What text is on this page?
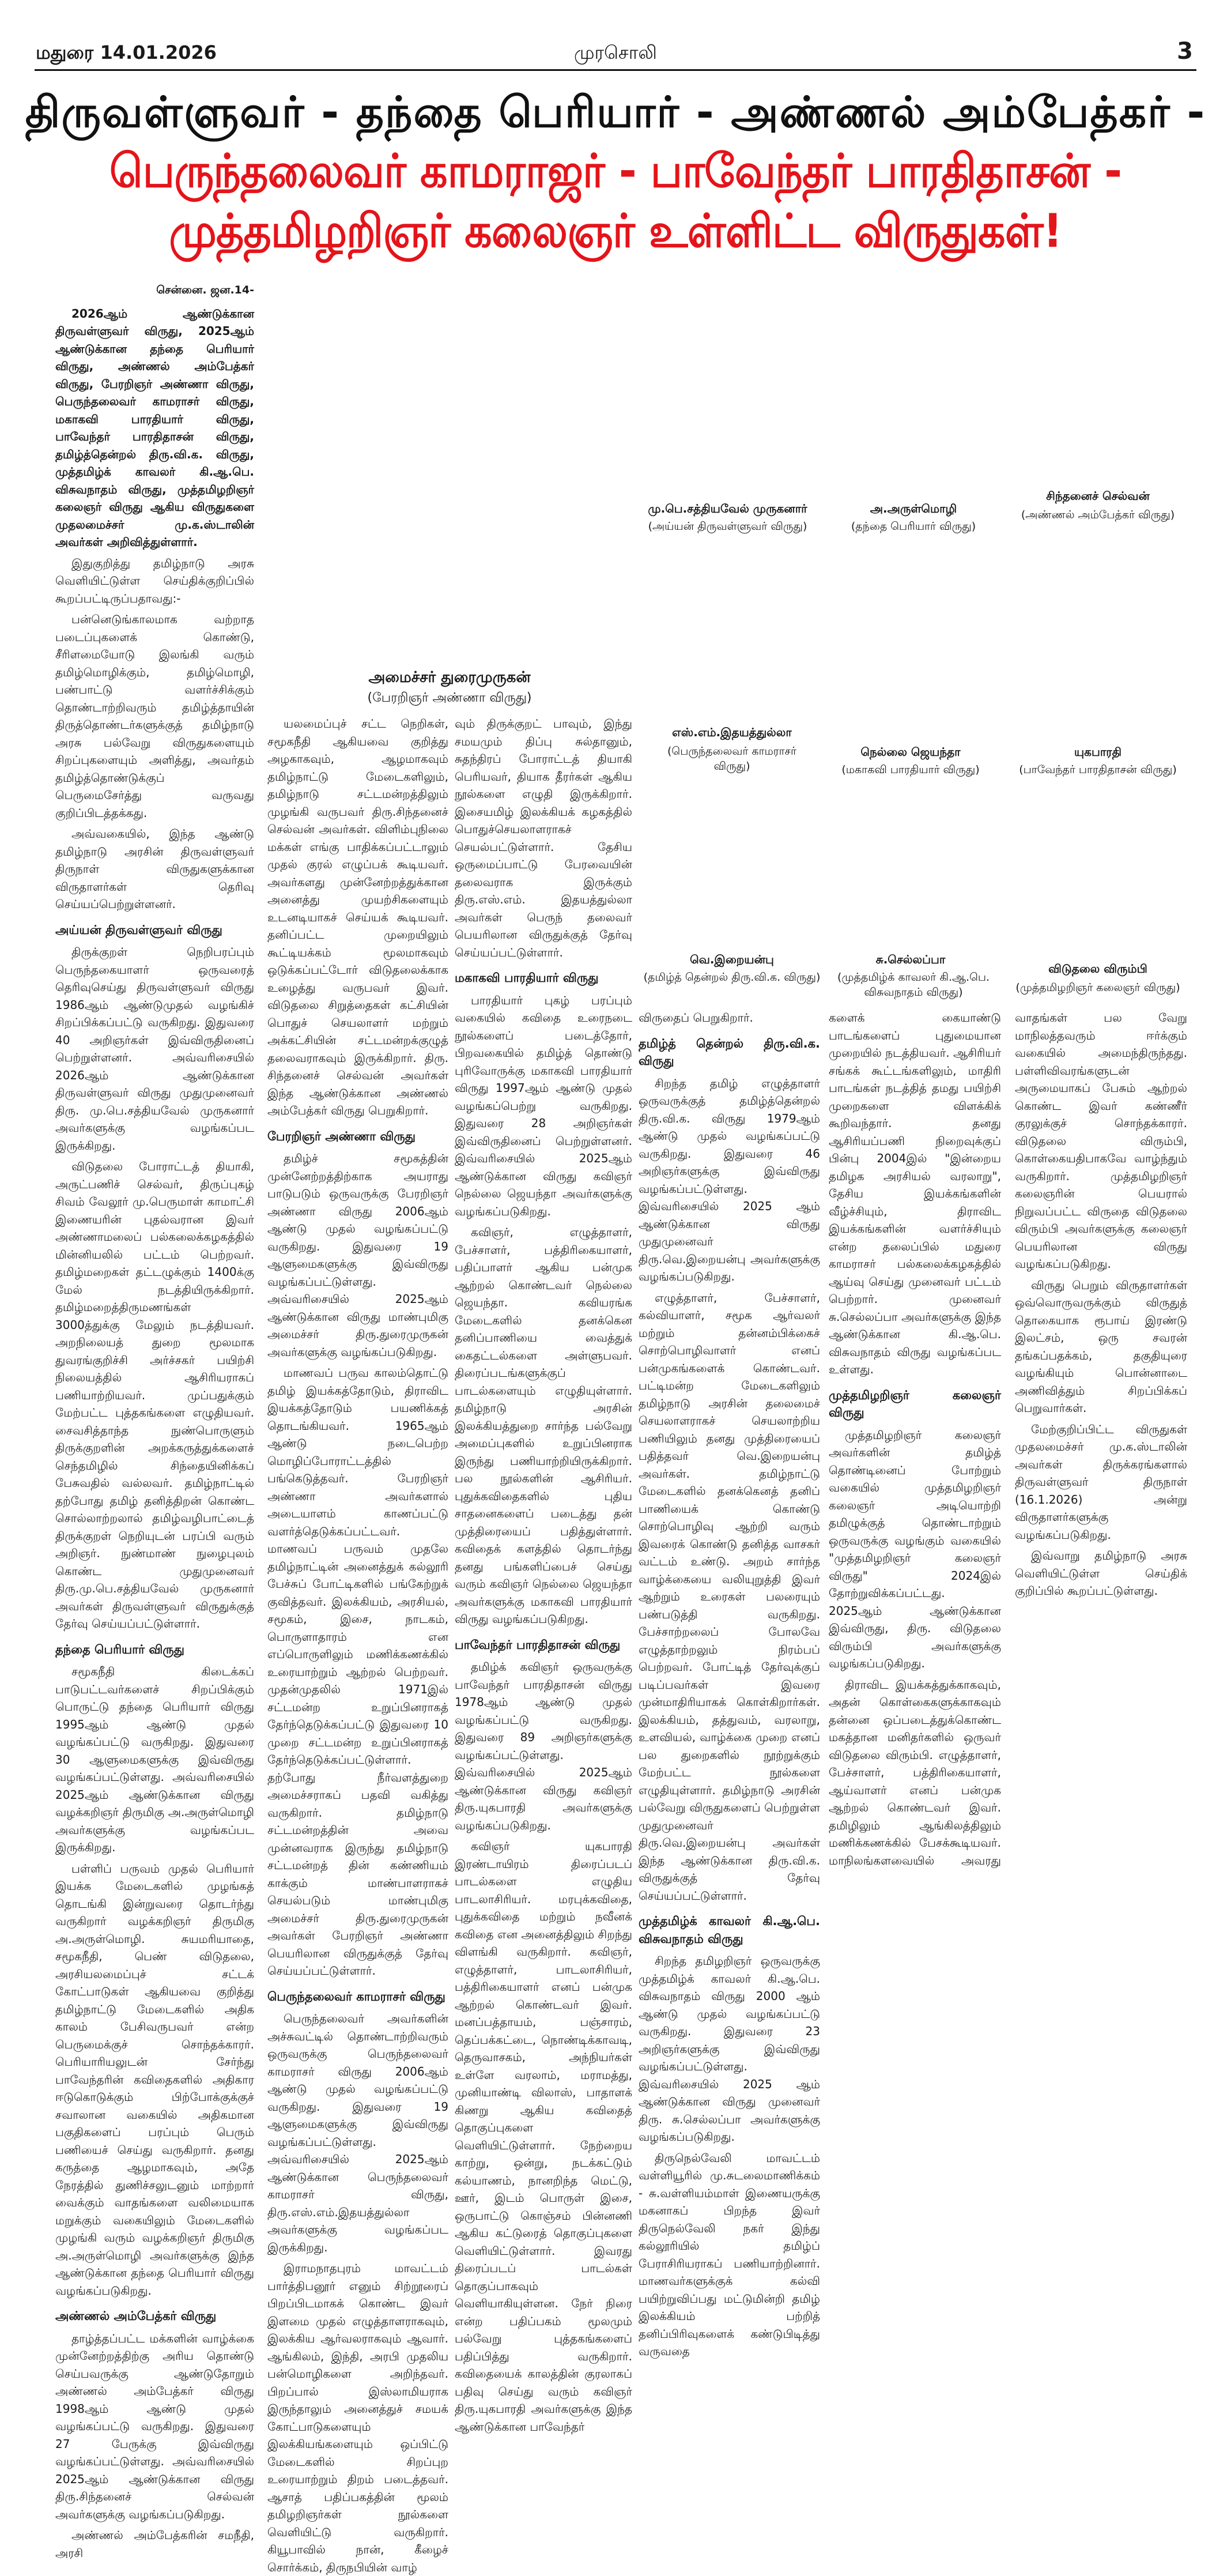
மதுரை 14.01.2026	முரசொலி	3
திருவள்ளுவர் - தந்தை பெரியார் - அண்ணல் அம்பேத்கர் -
பெருந்தலைவர் காமராஜர் - பாவேந்தர் பாரதிதாசன் - முத்தமிழறிஞர் கலைஞர் உள்ளிட்ட விருதுகள்!
மு.பெ.சத்தியவேல் முருகனார்
(அய்யன் திருவள்ளுவர் விருது)
அ.அருள்மொழி
(தந்தை பெரியார் விருது)
சிந்தனைச் செல்வன்
(அண்ணல் அம்பேத்கர் விருது)
அமைச்சர் துரைமுருகன்
(பேரறிஞர் அண்ணா விருது)
எஸ்.எம்.இதயத்துல்லா
(பெருந்தலைவர் காமராசர் விருது)
நெல்லை ஜெயந்தா
(மகாகவி பாரதியார் விருது)
யுகபாரதி
(பாவேந்தர் பாரதிதாசன் விருது)
வெ.இறையன்பு
(தமிழ்த் தென்றல் திரு.வி.க. விருது)
சு.செல்லப்பா
(முத்தமிழ்க் காவலர் கி.ஆ.பெ. விசுவநாதம் விருது)
விடுதலை விரும்பி
(முத்தமிழறிஞர் கலைஞர் விருது)
சென்னை. ஜன.14-

2026ஆம் ஆண்டுக்கான திருவள்ளுவர் விருது, 2025ஆம் ஆண்டுக்கான தந்தை பெரியார் விருது, அண்ணல் அம்பேத்கர் விருது, பேரறிஞர் அண்ணா விருது, பெருந்தலைவர் காமராசர் விருது, மகாகவி பாரதியார் விருது, பாவேந்தர் பாரதிதாசன் விருது, தமிழ்த்தென்றல் திரு.வி.க. விருது, முத்தமிழ்க் காவலர் கி.ஆ.பெ. விசுவநாதம் விருது, முத்தமிழறிஞர் கலைஞர் விருது ஆகிய விருதுகளை முதலமைச்சர் மு.க.ஸ்டாலின் அவர்கள் அறிவித்துள்ளார்.

இதுகுறித்து தமிழ்நாடு அரசு வெளியிட்டுள்ள செய்திக்குறிப்பில் கூறப்பட்டிருப்பதாவது:-

பன்னெடுங்காலமாக வற்றாத படைப்புகளைக் கொண்டு, சீரிளமையோடு இலங்கி வரும் தமிழ்மொழிக்கும், தமிழ்மொழி, பண்பாட்டு வளர்ச்சிக்கும் தொண்டாற்றிவரும் தமிழ்த்தாயின் திருத்தொண்டர்களுக்குத் தமிழ்நாடு அரசு பல்வேறு விருதுகளையும் சிறப்புகளையும் அளித்து, அவர்தம் தமிழ்த்தொண்டுக்குப் பெருமைசேர்த்து வருவது குறிப்பிடத்தக்கது.

அவ்வகையில், இந்த ஆண்டு தமிழ்நாடு அரசின் திருவள்ளுவர் திருநாள் விருதுகளுக்கான விருதாளர்கள் தெரிவு செய்யப்பெற்றுள்ளனர்.

அய்யன் திருவள்ளுவர் விருது

திருக்குறள் நெறிபரப்பும் பெருந்தகையாளர் ஒருவரைத் தெரிவுசெய்து திருவள்ளுவர் விருது 1986ஆம் ஆண்டுமுதல் வழங்கிச் சிறப்பிக்கப்பட்டு வருகிறது. இதுவரை 40 அறிஞர்கள் இவ்விருதினைப் பெற்றுள்ளனர். அவ்வரிசையில் 2026ஆம் ஆண்டுக்கான திருவள்ளுவர் விருது முதுமுனைவர் திரு. மு.பெ.சத்தியவேல் முருகனார் அவர்களுக்கு வழங்கப்பட இருக்கிறது.

விடுதலை போராட்டத் தியாகி, அருட்பணிச் செல்வர், திருப்புகழ் சிவம் வேலூர் மு.பெருமாள் காமாட்சி இணையரின் புதல்வரான இவர் அண்ணாமலைப் பல்கலைக்கழகத்தில் மின்னியலில் பட்டம் பெற்றவர். தமிழ்மறைகள் தட்டழுக்கும் 1400க்கு மேல் நடத்தியிருக்கிறார். தமிழ்மறைத்திருமணங்கள் 3000த்துக்கு மேலும் நடத்தியவர். அறநிலையத் துறை மூலமாக துவரங்குறிச்சி அர்ச்சகர் பயிற்சி நிலையத்தில் ஆசிரியராகப் பணியாற்றியவர். முப்பதுக்கும் மேற்பட்ட புத்தகங்களை எழுதியவர். சைவசித்தாந்த நுண்பொருளும் திருக்குறளின் அறக்கருத்துக்களைச் செந்தமிழில் சிந்தையினிக்கப் பேசுவதில் வல்லவர். தமிழ்நாட்டில் தற்போது தமிழ் தனித்திறன் கொண்ட சொல்லாற்றலால் தமிழ்வழிபாட்டைத் திருக்குறள் நெறியுடன் பரப்பி வரும் அறிஞர். நுண்மாண் நுழைபுலம் கொண்ட முதுமுனைவர் திரு.மு.பெ.சத்தியவேல் முருகனார் அவர்கள் திருவள்ளுவர் விருதுக்குத் தேர்வு செய்யப்பட்டுள்ளார்.

தந்தை பெரியார் விருது

சமூகநீதி கிடைக்கப் பாடுபட்டவர்களைச் சிறப்பிக்கும் பொருட்டு தந்தை பெரியார் விருது 1995ஆம் ஆண்டு முதல் வழங்கப்பட்டு வருகிறது. இதுவரை 30 ஆளுமைகளுக்கு இவ்விருது வழங்கப்பட்டுள்ளது. அவ்வரிசையில் 2025ஆம் ஆண்டுக்கான விருது வழக்கறிஞர் திருமிகு அ.அருள்மொழி அவர்களுக்கு வழங்கப்பட இருக்கிறது.

பள்ளிப் பருவம் முதல் பெரியார் இயக்க மேடைகளில் முழங்கத் தொடங்கி இன்றுவரை தொடர்ந்து வருகிறார் வழக்கறிஞர் திருமிகு அ.அருள்மொழி. சுயமரியாதை, சமூகநீதி, பெண் விடுதலை, அரசியலமைப்புச் சட்டக் கோட்பாடுகள் ஆகியவை குறித்து தமிழ்நாட்டு மேடைகளில் அதிக காலம் பேசிவருபவர் என்ற பெருமைக்குச் சொந்தக்காரர். பெரியாரியலுடன் சேர்ந்து பாவேந்தரின் கவிதைகளில் அதிகார ஈடுகொடுக்கும் பிற்போக்குக்குச் சவாலான வகையில் அதிகமான பகுதிகளைப் பரப்பும் பெரும் பணியைச் செய்து வருகிறார். தனது கருத்தை ஆழமாகவும், அதே நேரத்தில் துணிச்சலுடனும் மாற்றார் வைக்கும் வாதங்களை வலிமையாக மறுக்கும் வகையிலும் மேடைகளில் முழங்கி வரும் வழக்கறிஞர் திருமிகு அ.அருள்மொழி அவர்களுக்கு இந்த ஆண்டுக்கான தந்தை பெரியார் விருது வழங்கப்படுகிறது.

அண்ணல் அம்பேத்கர் விருது

தாழ்த்தப்பட்ட மக்களின் வாழ்க்கை முன்னேற்றத்திற்கு அரிய தொண்டு செய்பவருக்கு ஆண்டுதோறும் அண்ணல் அம்பேத்கர் விருது 1998ஆம் ஆண்டு முதல் வழங்கப்பட்டு வருகிறது. இதுவரை 27 பேருக்கு இவ்விருது வழங்கப்பட்டுள்ளது. அவ்வரிசையில் 2025ஆம் ஆண்டுக்கான விருது திரு.சிந்தனைச் செல்வன் அவர்களுக்கு வழங்கப்படுகிறது.

அண்ணல் அம்பேத்கரின் சமநீதி, அரசி

யலமைப்புச் சட்ட நெறிகள், சமூகநீதி ஆகியவை குறித்து அழகாகவும், ஆழமாகவும் தமிழ்நாட்டு மேடைகளிலும், தமிழ்நாடு சட்டமன்றத்திலும் முழங்கி வருபவர் திரு.சிந்தனைச் செல்வன் அவர்கள். விளிம்புநிலை மக்கள் எங்கு பாதிக்கப்பட்டாலும் முதல் குரல் எழுப்பக் கூடியவர். அவர்களது முன்னேற்றத்துக்கான அனைத்து முயற்சிகளையும் உடனடியாகச் செய்யக் கூடியவர். தனிப்பட்ட முறையிலும் கூட்டியக்கம் மூலமாகவும் ஒடுக்கப்பட்டோர் விடுதலைக்காக உழைத்து வருபவர் இவர். விடுதலை சிறுத்தைகள் கட்சியின் பொதுச் செயலாளர் மற்றும் அக்கட்சியின் சட்டமன்றக்குழுத் தலைவராகவும் இருக்கிறார். திரு. சிந்தனைச் செல்வன் அவர்கள் இந்த ஆண்டுக்கான அண்ணல் அம்பேத்கர் விருது பெறுகிறார்.

பேரறிஞர் அண்ணா விருது

தமிழ்ச் சமூகத்தின் முன்னேற்றத்திற்காக அயராது பாடுபடும் ஒருவருக்கு பேரறிஞர் அண்ணா விருது 2006ஆம் ஆண்டு முதல் வழங்கப்பட்டு வருகிறது. இதுவரை 19 ஆளுமைகளுக்கு இவ்விருது வழங்கப்பட்டுள்ளது. அவ்வரிசையில் 2025ஆம் ஆண்டுக்கான விருது மாண்புமிகு அமைச்சர் திரு.துரைமுருகன் அவர்களுக்கு வழங்கப்படுகிறது.

மாணவப் பருவ காலம்தொட்டு தமிழ் இயக்கத்தோடும், திராவிட இயக்கத்தோடும் பயணிக்கத் தொடங்கியவர். 1965ஆம் ஆண்டு நடைபெற்ற மொழிப்போராட்டத்தில் பங்கெடுத்தவர். பேரறிஞர் அண்ணா அவர்களால் அடையாளம் காணப்பட்டு வளர்த்தெடுக்கப்பட்டவர். மாணவப் பருவம் முதலே தமிழ்நாட்டின் அனைத்துக் கல்லூரி பேச்சுப் போட்டிகளில் பங்கேற்றுக் குவித்தவர். இலக்கியம், அரசியல், சமூகம், இசை, நாடகம், பொருளாதாரம் என எப்பொருளிலும் மணிக்கணக்கில் உரையாற்றும் ஆற்றல் பெற்றவர். முதன்முதலில் 1971இல் சட்டமன்ற உறுப்பினராகத் தேர்ந்தெடுக்கப்பட்டு இதுவரை 10 முறை சட்டமன்ற உறுப்பினராகத் தேர்ந்தெடுக்கப்பட்டுள்ளார். தற்போது நீர்வளத்துறை அமைச்சராகப் பதவி வகித்து வருகிறார். தமிழ்நாடு சட்டமன்றத்தின் அவை முன்னவராக இருந்து தமிழ்நாடு சட்டமன்றத் தின் கண்ணியம் காக்கும் மாண்பாளராகச் செயல்படும் மாண்புமிகு அமைச்சர் திரு.துரைமுருகன் அவர்கள் பேரறிஞர் அண்ணா பெயரிலான விருதுக்குத் தேர்வு செய்யப்பட்டுள்ளார்.

பெருந்தலைவர் காமராசர் விருது

பெருந்தலைவர் அவர்களின் அச்சுவட்டில் தொண்டாற்றிவரும் ஒருவருக்கு பெருந்தலைவர் காமராசர் விருது 2006ஆம் ஆண்டு முதல் வழங்கப்பட்டு வருகிறது. இதுவரை 19 ஆளுமைகளுக்கு இவ்விருது வழங்கப்பட்டுள்ளது. அவ்வரிசையில் 2025ஆம் ஆண்டுக்கான பெருந்தலைவர் காமராசர் விருது, திரு.எஸ்.எம்.இதயத்துல்லா அவர்களுக்கு வழங்கப்பட இருக்கிறது.

இராமநாதபுரம் மாவட்டம் பார்த்திபனூர் எனும் சிற்றூரைப் பிறப்பிடமாகக் கொண்ட இவர் இளமை முதல் எழுத்தாளராகவும், இலக்கிய ஆர்வலராகவும் ஆவார். ஆங்கிலம், இந்தி, அரபி முதலிய பன்மொழிகளை அறிந்தவர். பிறப்பால் இஸ்லாமியராக இருந்தாலும் அனைத்துச் சமயக் கோட்பாடுகளையும் இலக்கியங்களையும் ஒப்பிட்டு மேடைகளில் சிறப்புற உரையாற்றும் திறம் படைத்தவர். ஆசாத் பதிப்பகத்தின் மூலம் தமிழறிஞர்கள் நூல்களை வெளியிட்டு வருகிறார். கியூபாவில் நான், கீழைச் சொர்க்கம், திருநபியின் வாழ்

வும் திருக்குறட் பாவும், இந்து சமயமும் திப்பு சுல்தானும், சுதந்திரப் போராட்டத் தியாகி பெரியவர், தியாக தீரர்கள் ஆகிய நூல்களை எழுதி இருக்கிறார். இசையமிழ் இலக்கியக் கழகத்தில் பொதுச்செயலாளராகச் செயல்பட்டுள்ளார். தேசிய ஒருமைப்பாட்டு பேரவையின் தலைவராக இருக்கும் திரு.எஸ்.எம். இதயத்துல்லா அவர்கள் பெருந் தலைவர் பெயரிலான விருதுக்குத் தேர்வு செய்யப்பட்டுள்ளார்.

மகாகவி பாரதியார் விருது

பாரதியார் புகழ் பரப்பும் வகையில் கவிதை உரைநடை நூல்களைப் படைத்தோர், பிறவகையில் தமிழ்த் தொண்டு புரிவோருக்கு மகாகவி பாரதியார் விருது 1997ஆம் ஆண்டு முதல் வழங்கப்பெற்று வருகிறது. இதுவரை 28 அறிஞர்கள் இவ்விருதினைப் பெற்றுள்ளனர். இவ்வரிசையில் 2025ஆம் ஆண்டுக்கான விருது கவிஞர் நெல்லை ஜெயந்தா அவர்களுக்கு வழங்கப்படுகிறது.

கவிஞர், எழுத்தாளர், பேச்சாளர், பத்திரிகையாளர், பதிப்பாளர் ஆகிய பன்முக ஆற்றல் கொண்டவர் நெல்லை ஜெயந்தா. கவியரங்க மேடைகளில் தனக்கென தனிப்பாணியை வைத்துக் கைதட்டல்களை அள்ளுபவர். திரைப்படங்களுக்குப் பாடல்களையும் எழுதியுள்ளார். தமிழ்நாடு அரசின் இலக்கியத்துறை சார்ந்த பல்வேறு அமைப்புகளில் உறுப்பினராக இருந்து பணியாற்றியிருக்கிறார். பல நூல்களின் ஆசிரியர். புதுக்கவிதைகளில் புதிய சாதனைகளைப் படைத்து தன் முத்திரையைப் பதித்துள்ளார். கவிதைக் களத்தில் தொடர்ந்து தனது பங்களிப்பைச் செய்து வரும் கவிஞர் நெல்லை ஜெயந்தா அவர்களுக்கு மகாகவி பாரதியார் விருது வழங்கப்படுகிறது.

பாவேந்தர் பாரதிதாசன் விருது

தமிழ்க் கவிஞர் ஒருவருக்கு பாவேந்தர் பாரதிதாசன் விருது 1978ஆம் ஆண்டு முதல் வழங்கப்பட்டு வருகிறது. இதுவரை 89 அறிஞர்களுக்கு வழங்கப்பட்டுள்ளது. இவ்வரிசையில் 2025ஆம் ஆண்டுக்கான விருது கவிஞர் திரு.யுகபாரதி அவர்களுக்கு வழங்கப்படுகிறது.

கவிஞர் யுகபாரதி இரண்டாயிரம் திரைப்படப் பாடல்களை எழுதிய பாடலாசிரியர். மரபுக்கவிதை, புதுக்கவிதை மற்றும் நவீனக் கவிதை என அனைத்திலும் சிறந்து விளங்கி வருகிறார். கவிஞர், எழுத்தாளர், பாடலாசிரியர், பத்திரிகையாளர் எனப் பன்முக ஆற்றல் கொண்டவர் இவர். மனப்பத்தாயம், பஞ்சாரம், தெப்பக்கட்டை, நொண்டிக்காவடி, தெருவாசகம், அந்நியர்கள் உள்ளே வரலாம், மராமத்து, முனியாண்டி விலாஸ், பாதாளக் கிணறு ஆகிய கவிதைத் தொகுப்புகளை வெளியிட்டுள்ளார். நேற்றைய காற்று, ஒன்று, நடக்கட்டும் கல்யாணம், நானறிந்த மெட்டு, ஊர், இடம் பொருள் இசை, ஒருபாட்டு கொஞ்சம் பின்னணி ஆகிய கட்டுரைத் தொகுப்புகளை வெளியிட்டுள்ளார். இவரது திரைப்படப் பாடல்கள் தொகுப்பாகவும் வெளியாகியுள்ளன. நேர் நிரை என்ற பதிப்பகம் மூலமும் பல்வேறு புத்தகங்களைப் பதிப்பித்து வருகிறார். கவிதையைக் காலத்தின் குரலாகப் பதிவு செய்து வரும் கவிஞர் திரு.யுகபாரதி அவர்களுக்கு இந்த ஆண்டுக்கான பாவேந்தர்

விருதைப் பெறுகிறார்.

தமிழ்த் தென்றல் திரு.வி.க. விருது

சிறந்த தமிழ் எழுத்தாளர் ஒருவருக்குத் தமிழ்த்தென்றல் திரு.வி.க. விருது 1979ஆம் ஆண்டு முதல் வழங்கப்பட்டு வருகிறது. இதுவரை 46 அறிஞர்களுக்கு இவ்விருது வழங்கப்பட்டுள்ளது. இவ்வரிசையில் 2025 ஆம் ஆண்டுக்கான விருது முதுமுனைவர் திரு.வெ.இறையன்பு அவர்களுக்கு வழங்கப்படுகிறது.

எழுத்தாளர், பேச்சாளர், கல்வியாளர், சமூக ஆர்வலர் மற்றும் தன்னம்பிக்கைச் சொற்பொழிவாளர் எனப் பன்முகங்களைக் கொண்டவர். பட்டிமன்ற மேடைகளிலும் தமிழ்நாடு அரசின் தலைமைச் செயலாளராகச் செயலாற்றிய பணியிலும் தனது முத்திரையைப் பதித்தவர் வெ.இறையன்பு அவர்கள். தமிழ்நாட்டு மேடைகளில் தனக்கெனத் தனிப் பாணியைக் கொண்டு சொற்பொழிவு ஆற்றி வரும் இவரைக் கொண்டு தனித்த வாசகர் வட்டம் உண்டு. அறம் சார்ந்த வாழ்க்கையை வலியுறுத்தி இவர் ஆற்றும் உரைகள் பலரையும் பண்படுத்தி வருகிறது. பேச்சாற்றலைப் போலவே எழுத்தாற்றலும் நிரம்பப் பெற்றவர். போட்டித் தேர்வுக்குப் படிப்பவர்கள் இவரை முன்மாதிரியாகக் கொள்கிறார்கள். இலக்கியம், தத்துவம், வரலாறு, உளவியல், வாழ்க்கை முறை எனப் பல துறைகளில் நூற்றுக்கும் மேற்பட்ட நூல்களை எழுதியுள்ளார். தமிழ்நாடு அரசின் பல்வேறு விருதுகளைப் பெற்றுள்ள முதுமுனைவர் திரு.வெ.இறையன்பு அவர்கள் இந்த ஆண்டுக்கான திரு.வி.க. விருதுக்குத் தேர்வு செய்யப்பட்டுள்ளார்.

முத்தமிழ்க் காவலர் கி.ஆ.பெ. விசுவநாதம் விருது

சிறந்த தமிழறிஞர் ஒருவருக்கு முத்தமிழ்க் காவலர் கி.ஆ.பெ. விசுவநாதம் விருது 2000 ஆம் ஆண்டு முதல் வழங்கப்பட்டு வருகிறது. இதுவரை 23 அறிஞர்களுக்கு இவ்விருது வழங்கப்பட்டுள்ளது. இவ்வரிசையில் 2025 ஆம் ஆண்டுக்கான விருது முனைவர் திரு. சு.செல்லப்பா அவர்களுக்கு வழங்கப்படுகிறது.

திருநெல்வேலி மாவட்டம் வள்ளியூரில் மு.சுடலைமாணிக்கம் - சு.வள்ளியம்மாள் இணையருக்கு மகனாகப் பிறந்த இவர் திருநெல்வேலி நகர் இந்து கல்லூரியில் தமிழ்ப் பேராசிரியராகப் பணியாற்றினார். மாணவர்களுக்குக் கல்வி பயிற்றுவிப்பது மட்டுமின்றி தமிழ் இலக்கியம் பற்றித் தனிப்பிரிவுகளைக் கண்டுபிடித்து வருவதை

களைக் கையாண்டு பாடங்களைப் புதுமையான முறையில் நடத்தியவர். ஆசிரியர் சங்கக் கூட்டங்களிலும், மாதிரி பாடங்கள் நடத்தித் தமது பயிற்சி முறைகளை விளக்கிக் கூறிவந்தார். தனது ஆசிரியப்பணி நிறைவுக்குப் பின்பு 2004இல் "இன்றைய தமிழக அரசியல் வரலாறு", தேசிய இயக்கங்களின் வீழ்ச்சியும், திராவிட இயக்கங்களின் வளர்ச்சியும் என்ற தலைப்பில் மதுரை காமராசர் பல்கலைக்கழகத்தில் ஆய்வு செய்து முனைவர் பட்டம் பெற்றார். முனைவர் சு.செல்லப்பா அவர்களுக்கு இந்த ஆண்டுக்கான கி.ஆ.பெ. விசுவநாதம் விருது வழங்கப்பட உள்ளது.

முத்தமிழறிஞர் கலைஞர் விருது

முத்தமிழறிஞர் கலைஞர் அவர்களின் தமிழ்த் தொண்டினைப் போற்றும் வகையில் முத்தமிழறிஞர் கலைஞர் அடியொற்றி தமிழுக்குத் தொண்டாற்றும் ஒருவருக்கு வழங்கும் வகையில் "முத்தமிழறிஞர் கலைஞர் விருது" 2024இல் தோற்றுவிக்கப்பட்டது. 2025ஆம் ஆண்டுக்கான இவ்விருது, திரு. விடுதலை விரும்பி அவர்களுக்கு வழங்கப்படுகிறது.

திராவிட இயக்கத்துக்காகவும், அதன் கொள்கைகளுக்காகவும் தன்னை ஒப்படைத்துக்கொண்ட மகத்தான மனிதர்களில் ஒருவர் விடுதலை விரும்பி. எழுத்தாளர், பேச்சாளர், பத்திரிகையாளர், ஆய்வாளர் எனப் பன்முக ஆற்றல் கொண்டவர் இவர். தமிழிலும் ஆங்கிலத்திலும் மணிக்கணக்கில் பேசக்கூடியவர். மாநிலங்களவையில் அவரது வாதங்கள் பல வேறு மாநிலத்தவரும் ஈர்க்கும் வகையில் அமைந்திருந்தது. பள்ளிவிவரங்களுடன் அருமையாகப் பேசும் ஆற்றல் கொண்ட இவர் கண்ணீர் குரலுக்குச் சொந்தக்காரர். விடுதலை விரும்பி, கொள்கையதிபாகவே வாழ்ந்தும் வருகிறார். முத்தமிழறிஞர் கலைஞரின் பெயரால் நிறுவப்பட்ட விருதை விடுதலை விரும்பி அவர்களுக்கு கலைஞர் பெயரிலான விருது வழங்கப்படுகிறது.

விருது பெறும் விருதாளர்கள் ஒவ்வொருவருக்கும் விருதுத் தொகையாக ரூபாய் இரண்டு இலட்சம், ஒரு சவரன் தங்கப்பதக்கம், தகுதியுரை வழங்கியும் பொன்னாடை அணிவித்தும் சிறப்பிக்கப் பெறுவார்கள்.

மேற்குறிப்பிட்ட விருதுகள் முதலமைச்சர் மு.க.ஸ்டாலின் அவர்கள் திருக்கரங்களால் திருவள்ளுவர் திருநாள் (16.1.2026) அன்று விருதாளர்களுக்கு வழங்கப்படுகிறது.

இவ்வாறு தமிழ்நாடு அரசு வெளியிட்டுள்ள செய்திக் குறிப்பில் கூறப்பட்டுள்ளது.
